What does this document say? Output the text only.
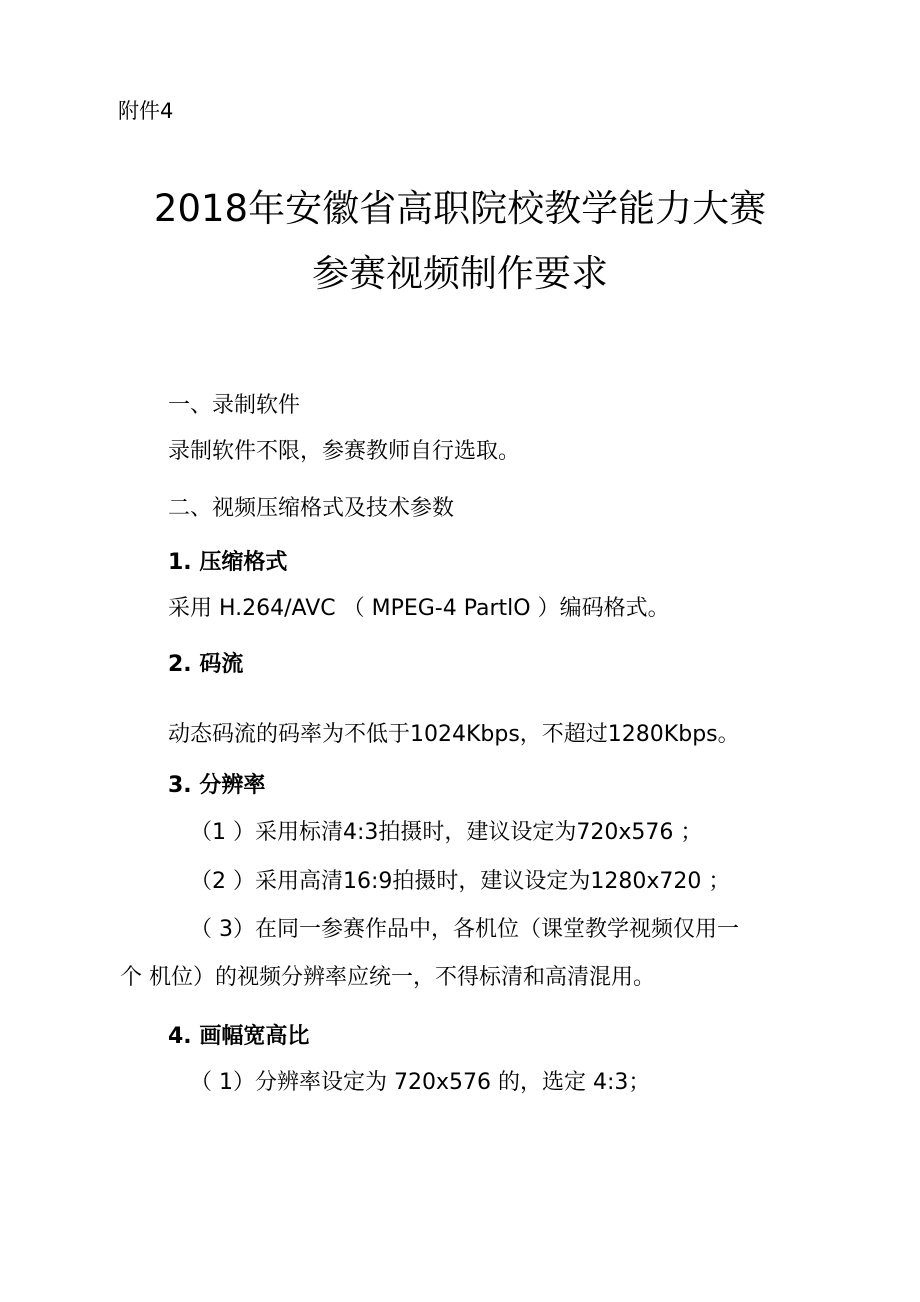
附件4
2018年安徽省高职院校教学能力大赛
参赛视频制作要求
一、录制软件
录制软件不限，参赛教师自行选取。
二、视频压缩格式及技术参数
1. 压缩格式
采用 H.264/AVC （ MPEG-4 PartlO ）编码格式。
2. 码流
动态码流的码率为不低于1024Kbps，不超过1280Kbps。
3. 分辨率
（1 ）采用标清4:3拍摄时，建议设定为720x576 ；
（2 ）采用高清16:9拍摄时，建议设定为1280x720 ；
（ 3）在同一参赛作品中，各机位（课堂教学视频仅用一
个 机位）的视频分辨率应统一，不得标清和高清混用。
4. 画幅宽高比
（ 1）分辨率设定为 720x576 的，选定 4:3；
